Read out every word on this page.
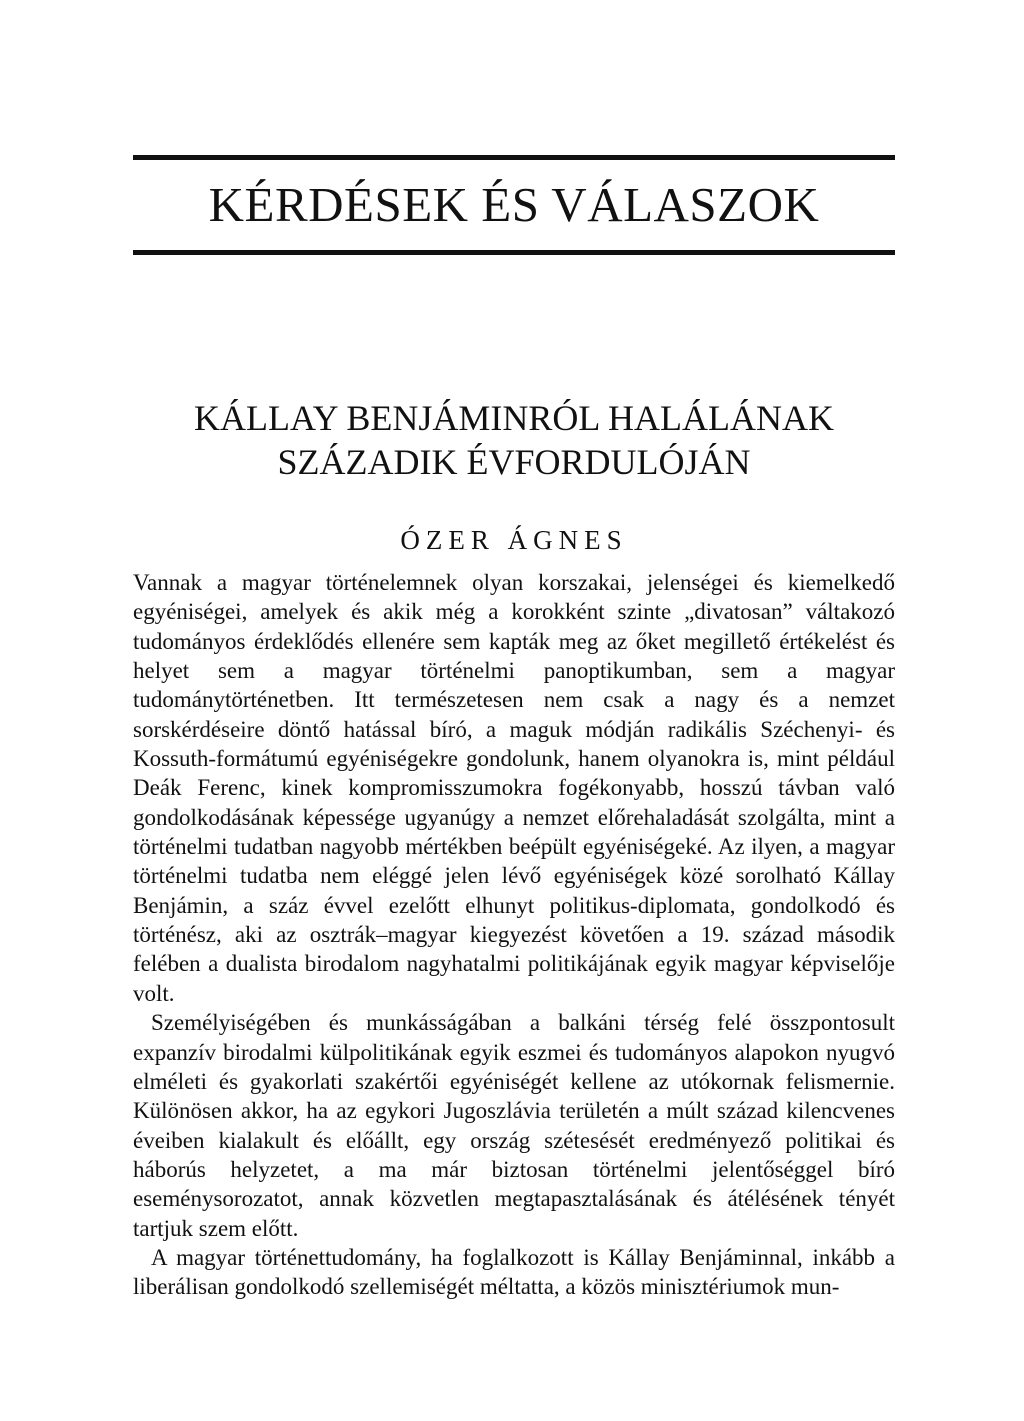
KÉRDÉSEK ÉS VÁLASZOK
KÁLLAY BENJÁMINRÓL HALÁLÁNAK
SZÁZADIK ÉVFORDULÓJÁN
ÓZER ÁGNES

Vannak a magyar történelemnek olyan korszakai, jelenségei és kiemelkedő egyéniségei, amelyek és akik még a korokként szinte „divatosan” váltakozó tudományos érdeklődés ellenére sem kapták meg az őket megillető értékelést és helyet sem a magyar történelmi panoptikumban, sem a magyar tudománytörténetben. Itt természetesen nem csak a nagy és a nemzet sorskérdéseire döntő hatással bíró, a maguk módján radikális Széchenyi- és Kossuth-formátumú egyéniségekre gondolunk, hanem olyanokra is, mint például Deák Ferenc, kinek kompromisszumokra fogékonyabb, hosszú távban való gondolkodásának képessége ugyanúgy a nemzet előrehaladását szolgálta, mint a történelmi tudatban nagyobb mértékben beépült egyéniségeké. Az ilyen, a magyar történelmi tudatba nem eléggé jelen lévő egyéniségek közé sorolható Kállay Benjámin, a száz évvel ezelőtt elhunyt politikus-diplomata, gondolkodó és történész, aki az osztrák–magyar kiegyezést követően a 19. század második felében a dualista birodalom nagyhatalmi politikájának egyik magyar képviselője volt.

Személyiségében és munkásságában a balkáni térség felé összpontosult expanzív birodalmi külpolitikának egyik eszmei és tudományos alapokon nyugvó elméleti és gyakorlati szakértői egyéniségét kellene az utókornak felismernie. Különösen akkor, ha az egykori Jugoszlávia területén a múlt század kilencvenes éveiben kialakult és előállt, egy ország szétesését eredményező politikai és háborús helyzetet, a ma már biztosan történelmi jelentőséggel bíró eseménysorozatot, annak közvetlen megtapasztalásának és átélésének tényét tartjuk szem előtt.

A magyar történettudomány, ha foglalkozott is Kállay Benjáminnal, inkább a liberálisan gondolkodó szellemiségét méltatta, a közös minisztériumok mun-
